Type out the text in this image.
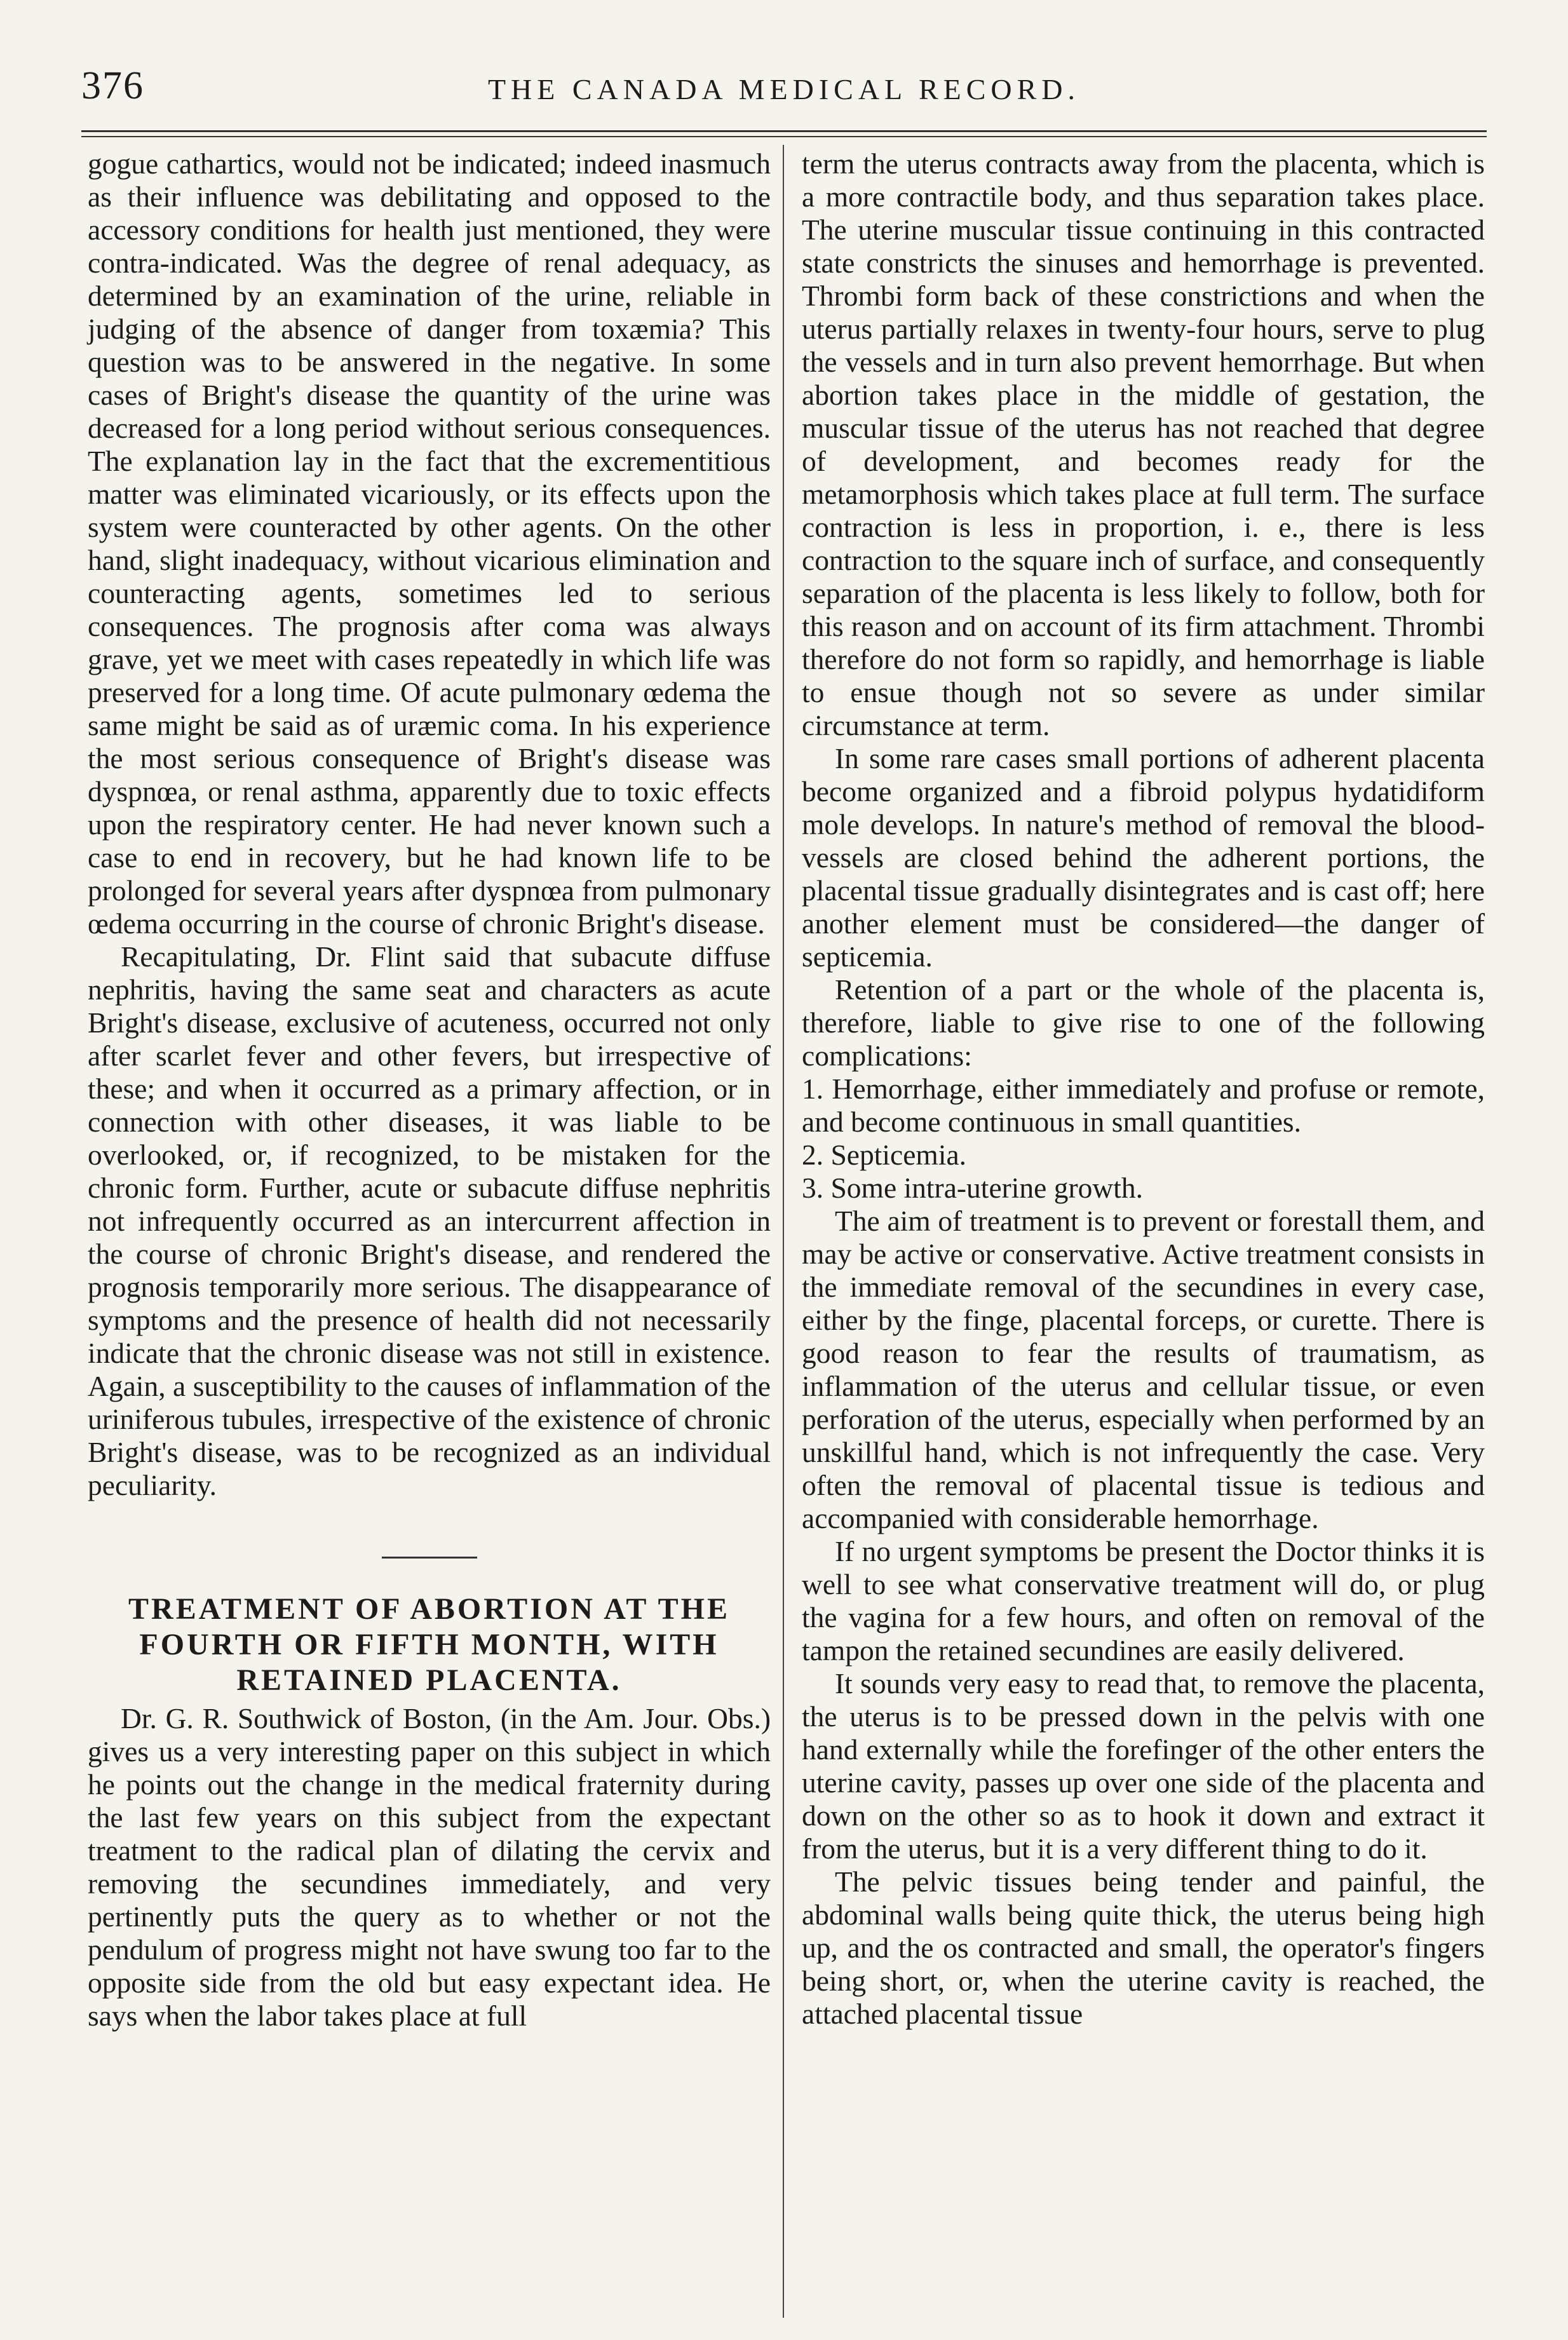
376	THE CANADA MEDICAL RECORD.

gogue cathartics, would not be indicated; indeed inasmuch as their influence was debilitating and opposed to the accessory conditions for health just mentioned, they were contra-indicated. Was the degree of renal adequacy, as determined by an examination of the urine, reliable in judging of the absence of danger from toxæmia? This question was to be answered in the negative. In some cases of Bright's disease the quantity of the urine was decreased for a long period without serious consequences. The explanation lay in the fact that the excrementitious matter was eliminated vicariously, or its effects upon the system were counteracted by other agents. On the other hand, slight inadequacy, without vicarious elimination and counteracting agents, sometimes led to serious consequences. The prognosis after coma was always grave, yet we meet with cases repeatedly in which life was preserved for a long time. Of acute pulmonary œdema the same might be said as of uræmic coma. In his experience the most serious consequence of Bright's disease was dyspnœa, or renal asthma, apparently due to toxic effects upon the respiratory center. He had never known such a case to end in recovery, but he had known life to be prolonged for several years after dyspnœa from pulmonary œdema occurring in the course of chronic Bright's disease.

Recapitulating, Dr. Flint said that subacute diffuse nephritis, having the same seat and characters as acute Bright's disease, exclusive of acuteness, occurred not only after scarlet fever and other fevers, but irrespective of these; and when it occurred as a primary affection, or in connection with other diseases, it was liable to be overlooked, or, if recognized, to be mistaken for the chronic form. Further, acute or subacute diffuse nephritis not infrequently occurred as an intercurrent affection in the course of chronic Bright's disease, and rendered the prognosis temporarily more serious. The disappearance of symptoms and the presence of health did not necessarily indicate that the chronic disease was not still in existence. Again, a susceptibility to the causes of inflammation of the uriniferous tubules, irrespective of the existence of chronic Bright's disease, was to be recognized as an individual peculiarity.

TREATMENT OF ABORTION AT THE FOURTH OR FIFTH MONTH, WITH RETAINED PLACENTA.

Dr. G. R. Southwick of Boston, (in the Am. Jour. Obs.) gives us a very interesting paper on this subject in which he points out the change in the medical fraternity during the last few years on this subject from the expectant treatment to the radical plan of dilating the cervix and removing the secundines immediately, and very pertinently puts the query as to whether or not the pendulum of progress might not have swung too far to the opposite side from the old but easy expectant idea. He says when the labor takes place at full

term the uterus contracts away from the placenta, which is a more contractile body, and thus separation takes place. The uterine muscular tissue continuing in this contracted state constricts the sinuses and hemorrhage is prevented. Thrombi form back of these constrictions and when the uterus partially relaxes in twenty-four hours, serve to plug the vessels and in turn also prevent hemorrhage. But when abortion takes place in the middle of gestation, the muscular tissue of the uterus has not reached that degree of development, and becomes ready for the metamorphosis which takes place at full term. The surface contraction is less in proportion, i. e., there is less contraction to the square inch of surface, and consequently separation of the placenta is less likely to follow, both for this reason and on account of its firm attachment. Thrombi therefore do not form so rapidly, and hemorrhage is liable to ensue though not so severe as under similar circumstance at term.

In some rare cases small portions of adherent placenta become organized and a fibroid polypus hydatidiform mole develops. In nature's method of removal the blood-vessels are closed behind the adherent portions, the placental tissue gradually disintegrates and is cast off; here another element must be considered—the danger of septicemia.

Retention of a part or the whole of the placenta is, therefore, liable to give rise to one of the following complications:

1. Hemorrhage, either immediately and profuse or remote, and become continuous in small quantities.

2. Septicemia.

3. Some intra-uterine growth.

The aim of treatment is to prevent or forestall them, and may be active or conservative. Active treatment consists in the immediate removal of the secundines in every case, either by the finge, placental forceps, or curette. There is good reason to fear the results of traumatism, as inflammation of the uterus and cellular tissue, or even perforation of the uterus, especially when performed by an unskillful hand, which is not infrequently the case. Very often the removal of placental tissue is tedious and accompanied with considerable hemorrhage.

If no urgent symptoms be present the Doctor thinks it is well to see what conservative treatment will do, or plug the vagina for a few hours, and often on removal of the tampon the retained secundines are easily delivered.

It sounds very easy to read that, to remove the placenta, the uterus is to be pressed down in the pelvis with one hand externally while the forefinger of the other enters the uterine cavity, passes up over one side of the placenta and down on the other so as to hook it down and extract it from the uterus, but it is a very different thing to do it.

The pelvic tissues being tender and painful, the abdominal walls being quite thick, the uterus being high up, and the os contracted and small, the operator's fingers being short, or, when the uterine cavity is reached, the attached placental tissue
